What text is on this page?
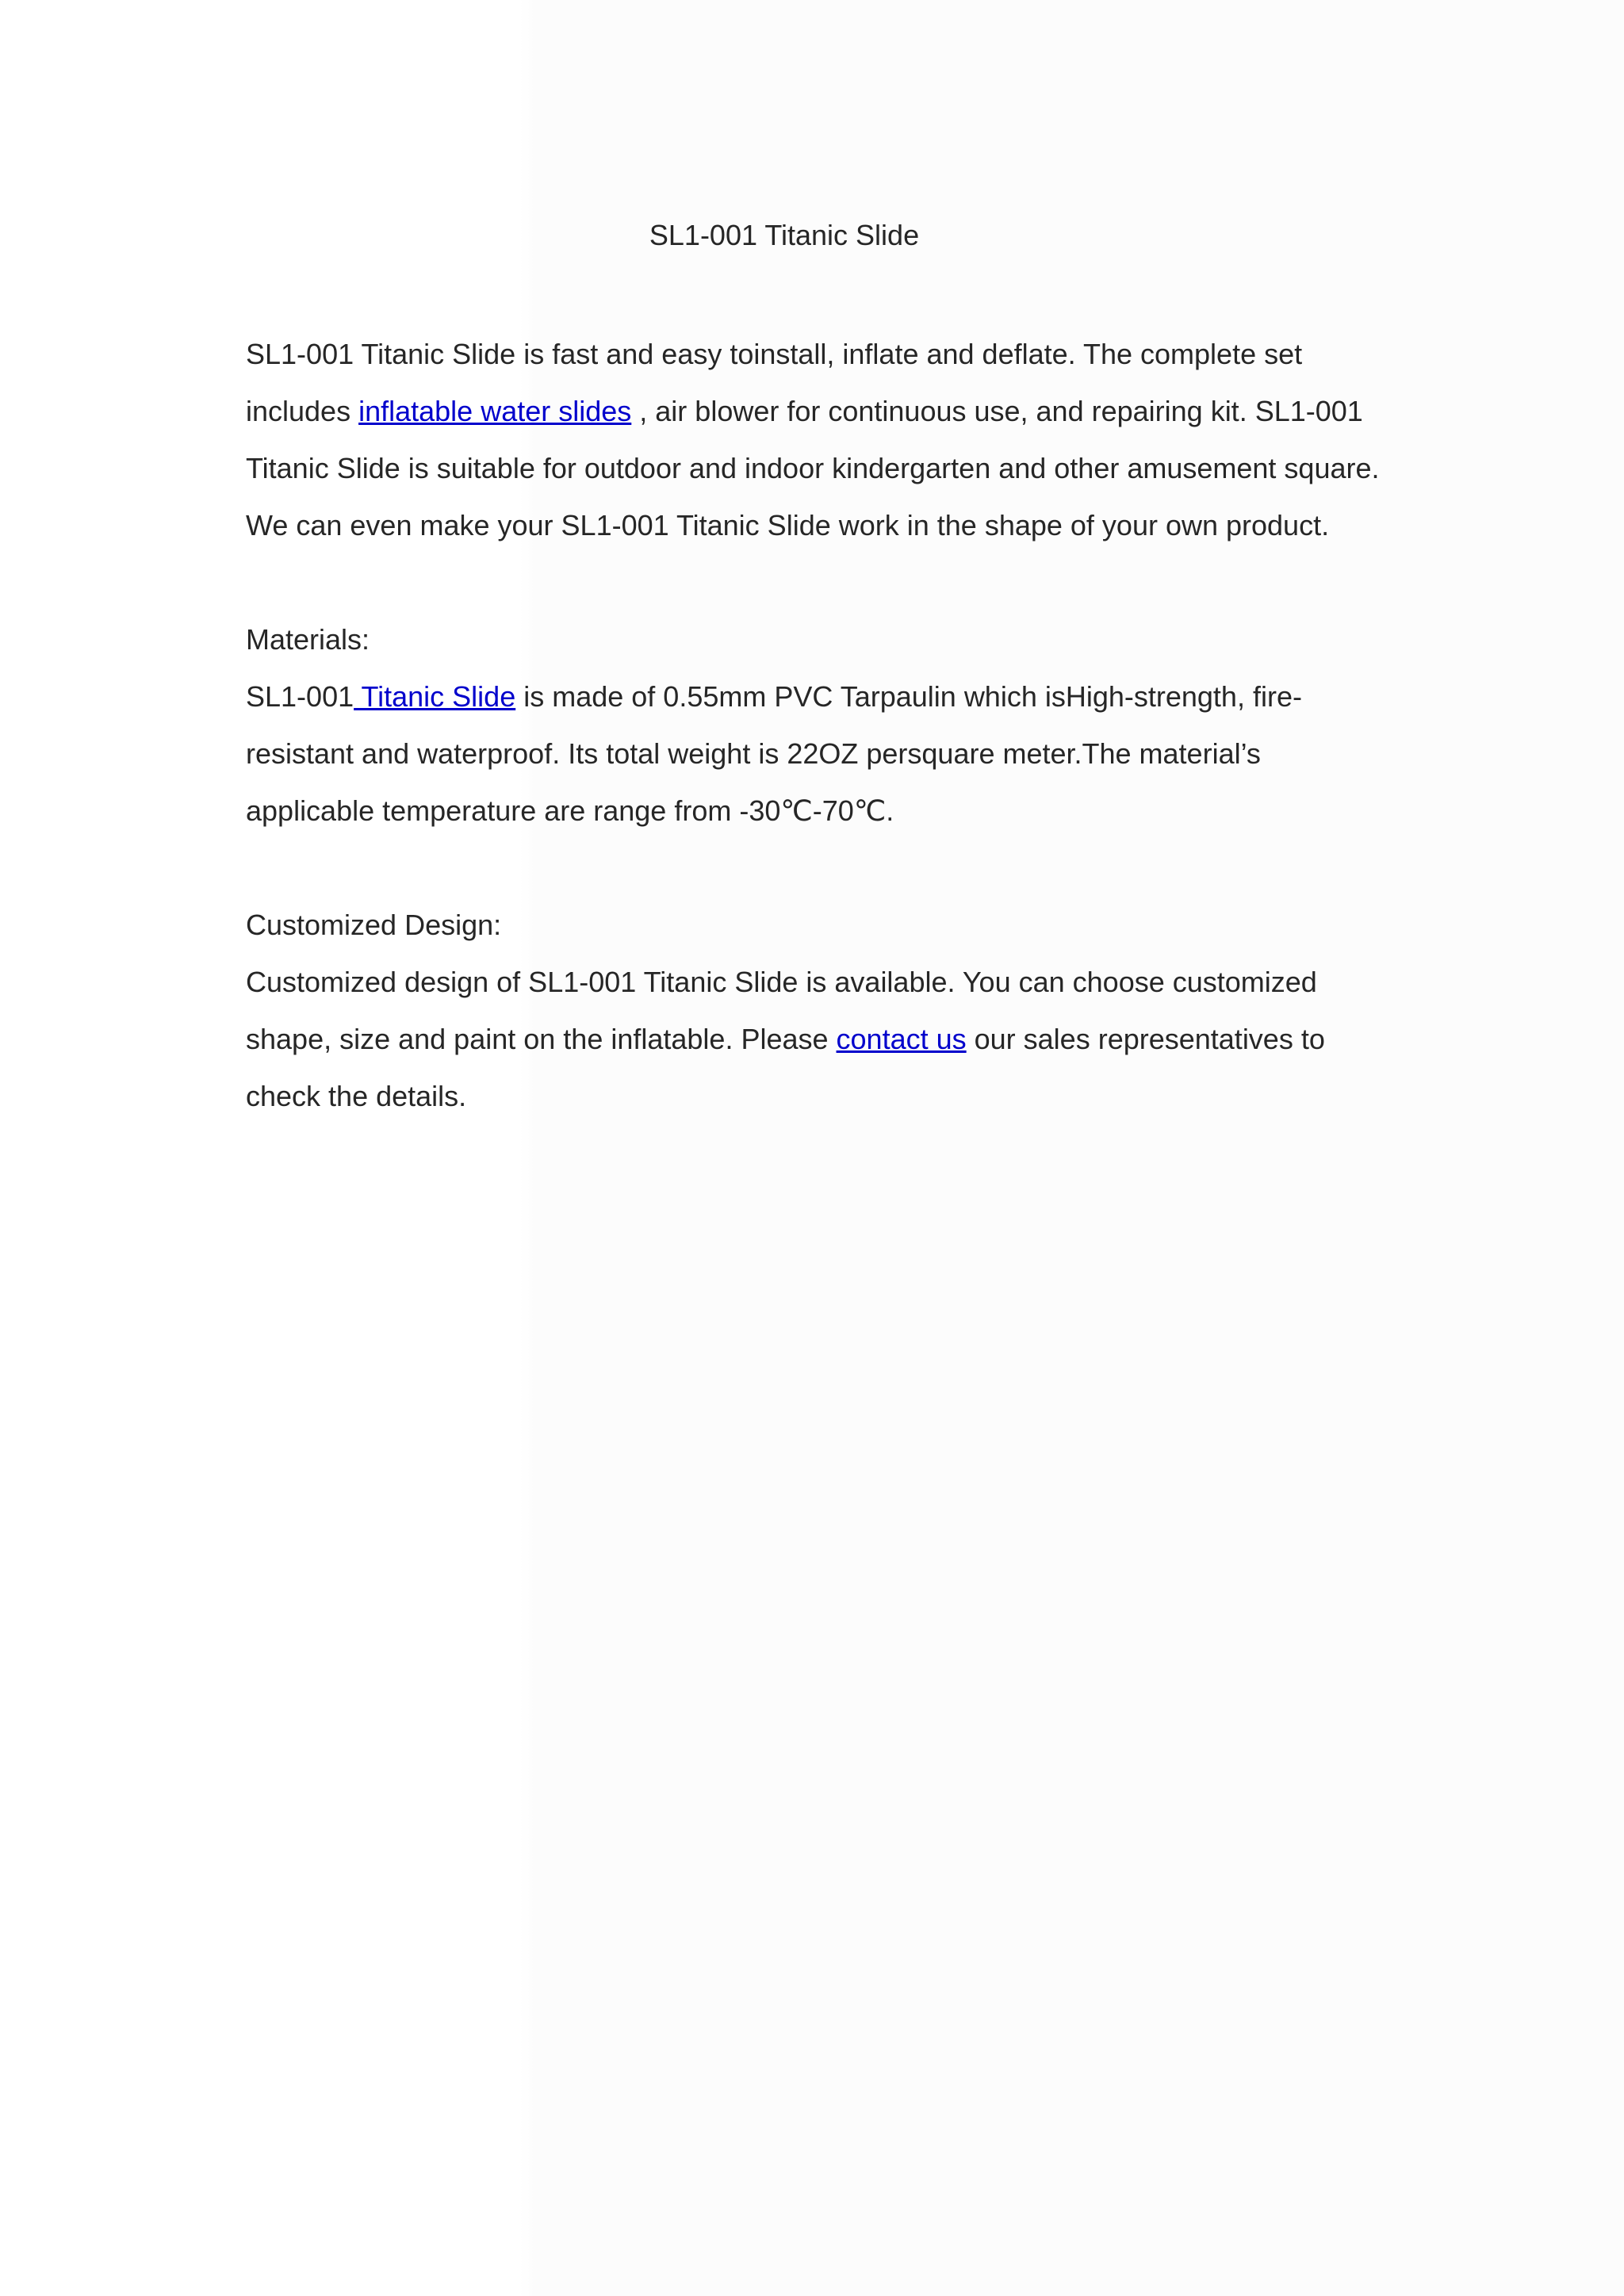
SL1-001 Titanic Slide

SL1-001 Titanic Slide is fast and easy toinstall, inflate and deflate. The complete set includes inflatable water slides , air blower for continuous use, and repairing kit. SL1-001 Titanic Slide is suitable for outdoor and indoor kindergarten and other amusement square. We can even make your SL1-001 Titanic Slide work in the shape of your own product.

Materials:

SL1-001 Titanic Slide is made of 0.55mm PVC Tarpaulin which isHigh-strength, fire-resistant and waterproof. Its total weight is 22OZ persquare meter.The material’s applicable temperature are range from -30℃-70℃.

Customized Design:

Customized design of SL1-001 Titanic Slide is available. You can choose customized shape, size and paint on the inflatable. Please contact us our sales representatives to check the details.
